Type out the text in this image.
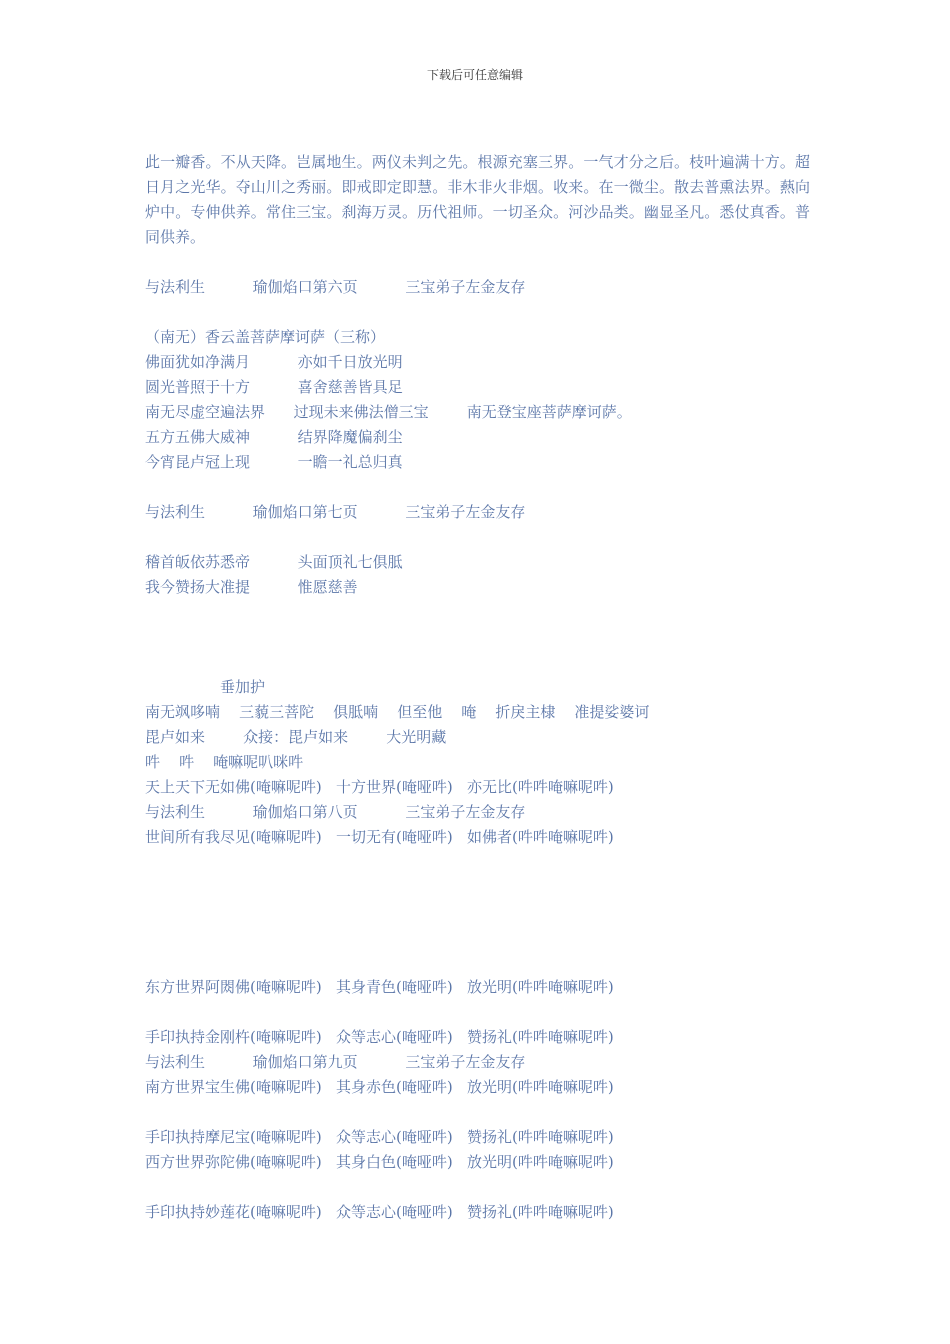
下载后可任意编辑
此一瓣香。不从天降。岂属地生。两仪未判之先。根源充塞三界。一气才分之后。枝叶遍满十方。超日月之光华。夺山川之秀丽。即戒即定即慧。非木非火非烟。收来。在一微尘。散去普熏法界。爇向炉中。专伸供养。常住三宝。刹海万灵。历代祖师。一切圣众。河沙品类。幽显圣凡。悉仗真香。普同供养。
与法利生          瑜伽焰口第六页          三宝弟子左金友存
（南无）香云盖菩萨摩诃萨（三称）
佛面犹如净满月          亦如千日放光明
圆光普照于十方          喜舍慈善皆具足
南无尽虚空遍法界      过现未来佛法僧三宝        南无登宝座菩萨摩诃萨。
五方五佛大威神          结界降魔偏刹尘
今宵昆卢冠上现          一瞻一礼总归真
与法利生          瑜伽焰口第七页          三宝弟子左金友存
稽首皈依苏悉帝          头面顶礼七俱胝
我今赞扬大准提          惟愿慈善
垂加护
南无飒哆喃    三藐三菩陀    俱胝喃    但至他    唵    折戾主棣    准提娑婆诃
毘卢如来        众接：毘卢如来        大光明藏
吽    吽    唵嘛呢叭咪吽
天上天下无如佛(唵嘛呢吽)   十方世界(唵哑吽)   亦无比(吽吽唵嘛呢吽)
与法利生          瑜伽焰口第八页          三宝弟子左金友存
世间所有我尽见(唵嘛呢吽)   一切无有(唵哑吽)   如佛者(吽吽唵嘛呢吽)
东方世界阿閦佛(唵嘛呢吽)   其身青色(唵哑吽)   放光明(吽吽唵嘛呢吽)
手印执持金刚杵(唵嘛呢吽)   众等志心(唵哑吽)   赞扬礼(吽吽唵嘛呢吽)
与法利生          瑜伽焰口第九页          三宝弟子左金友存
南方世界宝生佛(唵嘛呢吽)   其身赤色(唵哑吽)   放光明(吽吽唵嘛呢吽)
手印执持摩尼宝(唵嘛呢吽)   众等志心(唵哑吽)   赞扬礼(吽吽唵嘛呢吽)
西方世界弥陀佛(唵嘛呢吽)   其身白色(唵哑吽)   放光明(吽吽唵嘛呢吽)
手印执持妙莲花(唵嘛呢吽)   众等志心(唵哑吽)   赞扬礼(吽吽唵嘛呢吽)
